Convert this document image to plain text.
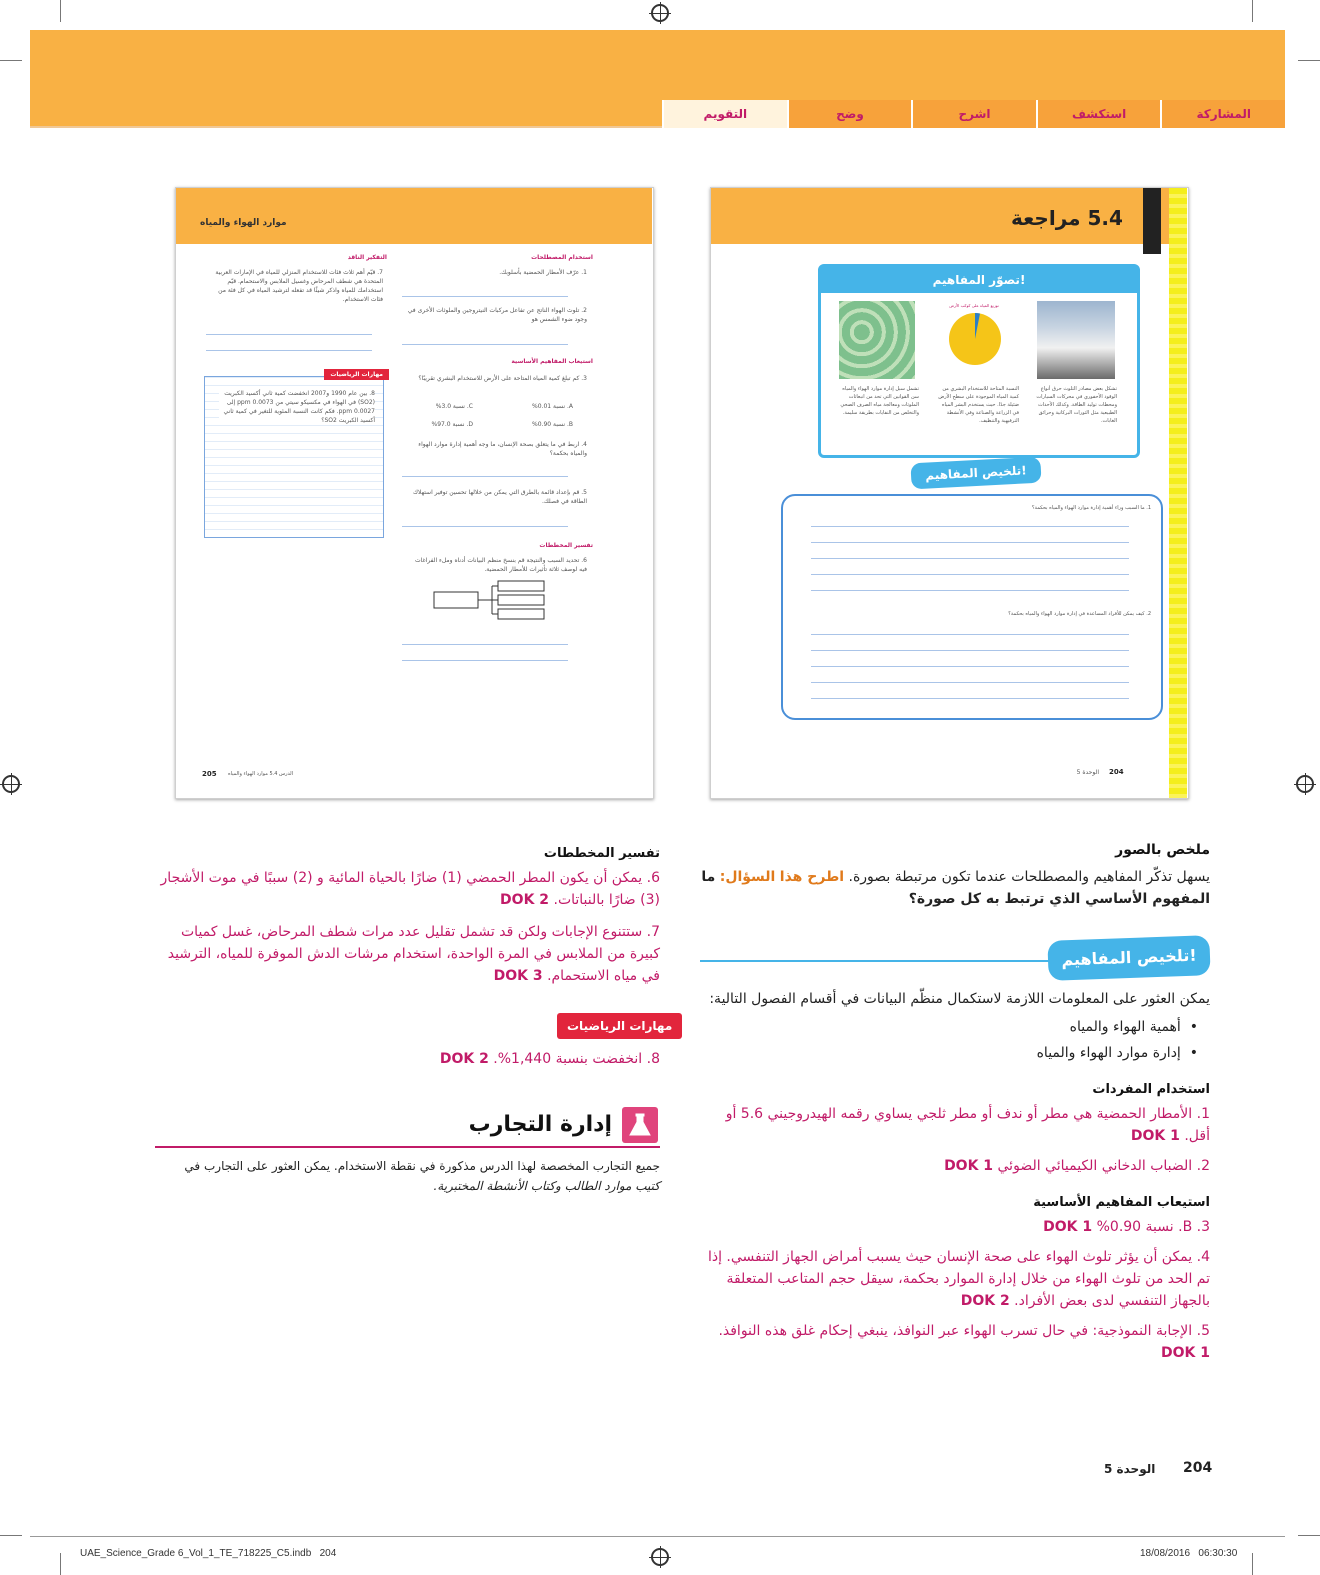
المشاركة
استكشف
اشرح
وضح
التقويم
5.4 مراجعة
تصوّر المفاهيم!
توزيع المياه على كوكب الأرض
تشكل بعض مصادر التلوث حرق أنواع الوقود الأحفوري في محركات السيارات ومحطات توليد الطاقة. وكذلك الأحداث الطبيعية مثل الثورات البركانية وحرائق الغابات.
النسبة المتاحة للاستخدام البشري من كمية المياه الموجودة على سطح الأرض ضئيلة جدًا. حيث يستخدم البشر المياه في الزراعة والصناعة وفي الأنشطة الترفيهية والتنظيف.
تشمل سبل إدارة موارد الهواء والمياه سن القوانين التي تحد من انبعاثات الملوثات ومعالجة مياه الصرف الصحي والتخلص من النفايات بطريقة سليمة.
تلخيص المفاهيم!
1. ما السبب وراء أهمية إدارة موارد الهواء والمياه بحكمة؟
2. كيف يمكن للأفراد المساعدة في إدارة موارد الهواء والمياه بحكمة؟
204
الوحدة 5
موارد الهواء والمياه
استخدام المصطلحات
1. عرّف الأمطار الحمضية بأسلوبك.
2. تلوث الهواء الناتج عن تفاعل مركبات النيتروجين والملوثات الأخرى في وجود ضوء الشمس هو
استيعاب المفاهيم الأساسية
3. كم تبلغ كمية المياه المتاحة على الأرض للاستخدام البشري تقريبًا؟
A. نسبة 0.01%
C. نسبة 3.0%
B. نسبة 0.90%
D. نسبة 97.0%
4. اربط في ما يتعلق بصحة الإنسان، ما وجه أهمية إدارة موارد الهواء والمياه بحكمة؟
5. قم بإعداد قائمة بالطرق التي يمكن من خلالها تحسين توفير استهلاك الطاقة في فصلك.
تفسير المخططات
6. تحديد السبب والنتيجة قم بنسخ منظم البيانات أدناه وملء الفراغات فيه لوصف ثلاثة تأثيرات للأمطار الحمضية.
التفكير الناقد
7. قيّم أهم ثلاث فئات للاستخدام المنزلي للمياه في الإمارات العربية المتحدة هي شطف المرحاض وغسيل الملابس والاستحمام. قيّم استخدامك للمياه واذكر شيئًا قد تفعله لترشيد المياه في كل فئة من فئات الاستخدام.
مهارات الرياضيات
8. بين عام 1990 و2007 انخفضت كمية ثاني أكسيد الكبريت (SO2) في الهواء في مكسيكو سيتي من 0.0073 ppm إلى 0.0027 ppm. فكم كانت النسبة المئوية للتغير في كمية ثاني أكسيد الكبريت SO2؟
205 الدرس 5.4 موارد الهواء والمياه
ملخص بالصور
يسهل تذكّر المفاهيم والمصطلحات عندما تكون مرتبطة بصورة. اطرح هذا السؤال: ما المفهوم الأساسي الذي ترتبط به كل صورة؟
تلخيص المفاهيم!
يمكن العثور على المعلومات اللازمة لاستكمال منظّم البيانات في أقسام الفصول التالية:
•  أهمية الهواء والمياه
•  إدارة موارد الهواء والمياه
استخدام المفردات
1. الأمطار الحمضية هي مطر أو ندف أو مطر ثلجي يساوي رقمه الهيدروجيني 5.6 أو أقل. DOK 1
2. الضباب الدخاني الكيميائي الضوئي DOK 1
استيعاب المفاهيم الأساسية
3. B. نسبة 0.90% DOK 1
4. يمكن أن يؤثر تلوث الهواء على صحة الإنسان حيث يسبب أمراض الجهاز التنفسي. إذا تم الحد من تلوث الهواء من خلال إدارة الموارد بحكمة، سيقل حجم المتاعب المتعلقة بالجهاز التنفسي لدى بعض الأفراد. DOK 2
5. الإجابة النموذجية: في حال تسرب الهواء عبر النوافذ، ينبغي إحكام غلق هذه النوافذ. DOK 1
تفسير المخططات
6. يمكن أن يكون المطر الحمضي (1) ضارًا بالحياة المائية و (2) سببًا في موت الأشجار (3) ضارًا بالنباتات. DOK 2
7. ستتنوع الإجابات ولكن قد تشمل تقليل عدد مرات شطف المرحاض، غسل كميات كبيرة من الملابس في المرة الواحدة، استخدام مرشات الدش الموفرة للمياه، الترشيد في مياه الاستحمام. DOK 3
مهارات الرياضيات
8. انخفضت بنسبة 1,440%. DOK 2
إدارة التجارب
جميع التجارب المخصصة لهذا الدرس مذكورة في نقطة الاستخدام. يمكن العثور على التجارب في
كتيب موارد الطالب وكتاب الأنشطة المختبرية.
204
الوحدة 5
UAE_Science_Grade 6_Vol_1_TE_718225_C5.indb   204	18/08/2016   06:30:30
